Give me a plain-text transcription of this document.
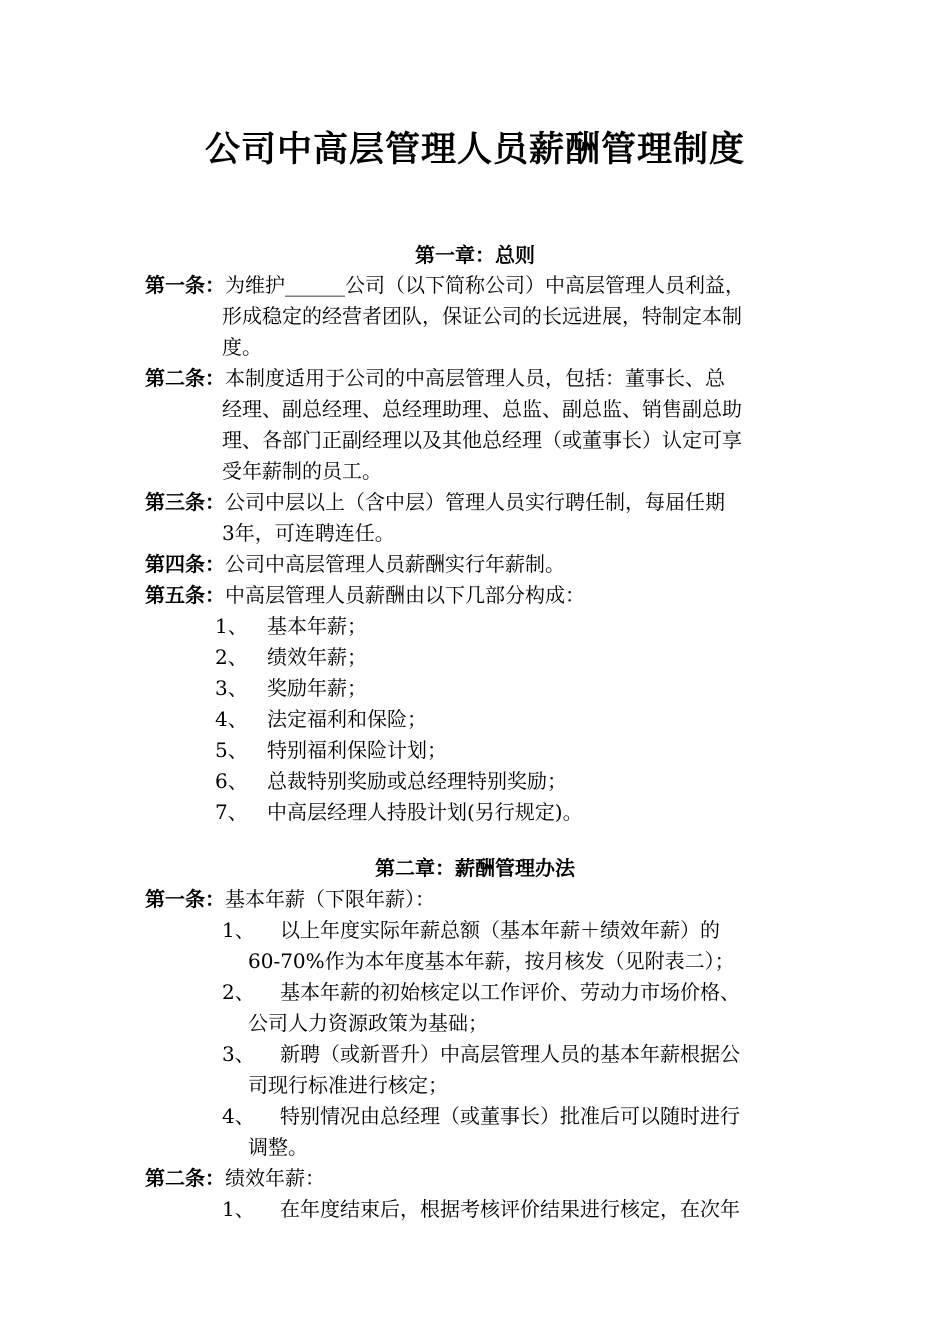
公司中高层管理人员薪酬管理制度
第一章：总则
第一条：为维护______公司（以下简称公司）中高层管理人员利益，
形成稳定的经营者团队，保证公司的长远进展，特制定本制
度。
第二条：本制度适用于公司的中高层管理人员，包括：董事长、总
经理、副总经理、总经理助理、总监、副总监、销售副总助
理、各部门正副经理以及其他总经理（或董事长）认定可享
受年薪制的员工。
第三条：公司中层以上（含中层）管理人员实行聘任制，每届任期
3年，可连聘连任。
第四条：公司中高层管理人员薪酬实行年薪制。
第五条：中高层管理人员薪酬由以下几部分构成：
1、 基本年薪；
2、 绩效年薪；
3、 奖励年薪；
4、 法定福利和保险；
5、 特别福利保险计划；
6、 总裁特别奖励或总经理特别奖励；
7、 中高层经理人持股计划(另行规定)。
第二章：薪酬管理办法
第一条：基本年薪（下限年薪）：
1、 以上年度实际年薪总额（基本年薪＋绩效年薪）的
60-70%作为本年度基本年薪，按月核发（见附表二）；
2、 基本年薪的初始核定以工作评价、劳动力市场价格、
公司人力资源政策为基础；
3、 新聘（或新晋升）中高层管理人员的基本年薪根据公
司现行标准进行核定；
4、 特别情况由总经理（或董事长）批准后可以随时进行
调整。
第二条：绩效年薪：
1、 在年度结束后，根据考核评价结果进行核定，在次年
